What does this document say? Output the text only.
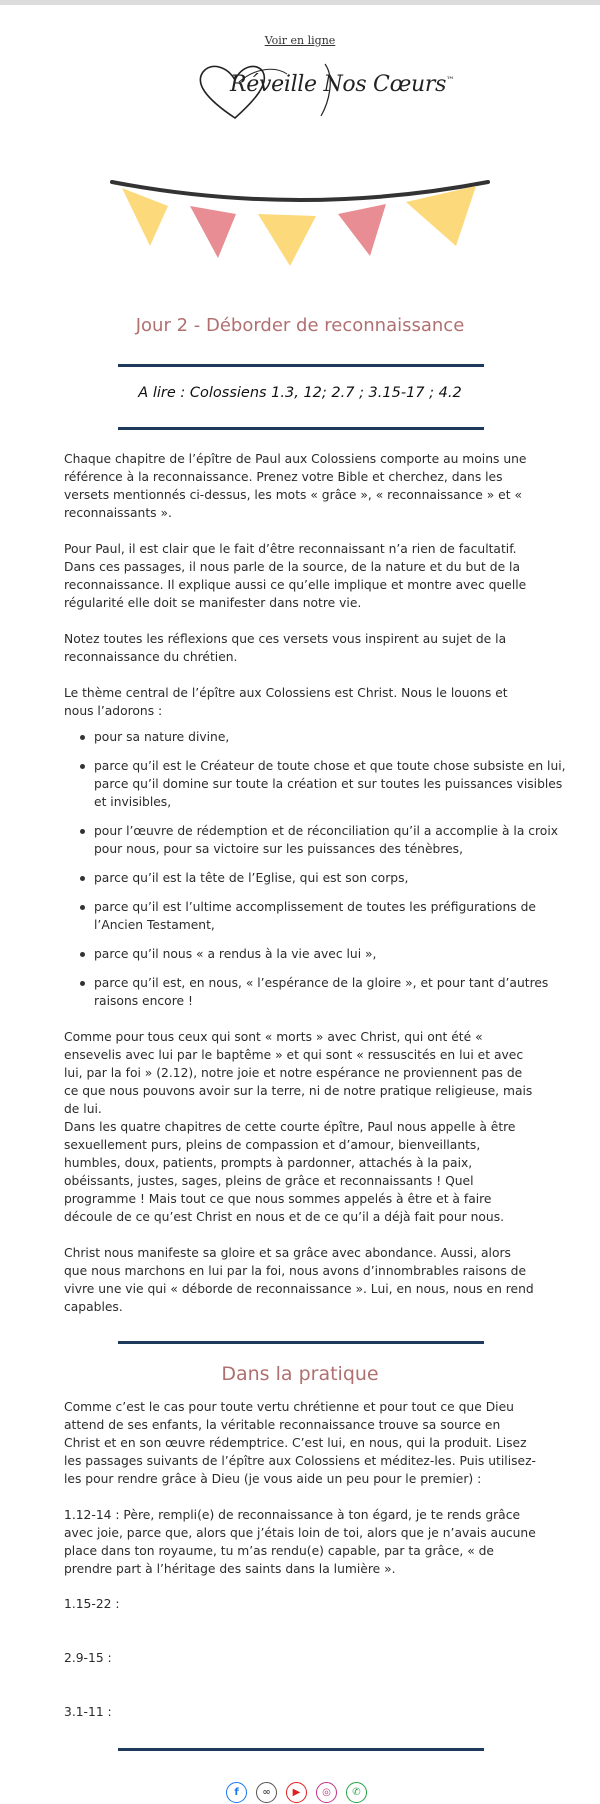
Voir en ligne
Réveille Nos Cœurs™
Jour 2 - Déborder de reconnaissance
A lire : Colossiens 1.3, 12; 2.7 ; 3.15-17 ; 4.2

Chaque chapitre de l’épître de Paul aux Colossiens comporte au moins une référence à la reconnaissance. Prenez votre Bible et cherchez, dans les versets mentionnés ci-dessus, les mots « grâce », « reconnaissance » et « reconnaissants ».

Pour Paul, il est clair que le fait d’être reconnaissant n’a rien de facultatif. Dans ces passages, il nous parle de la source, de la nature et du but de la reconnaissance. Il explique aussi ce qu’elle implique et montre avec quelle régularité elle doit se manifester dans notre vie.

Notez toutes les réflexions que ces versets vous inspirent au sujet de la reconnaissance du chrétien.

Le thème central de l’épître aux Colossiens est Christ. Nous le louons et nous l’adorons :

pour sa nature divine,
parce qu’il est le Créateur de toute chose et que toute chose subsiste en lui, parce qu’il domine sur toute la création et sur toutes les puissances visibles et invisibles,
pour l’œuvre de rédemption et de réconciliation qu’il a accomplie à la croix pour nous, pour sa victoire sur les puissances des ténèbres,
parce qu’il est la tête de l’Eglise, qui est son corps,
parce qu’il est l’ultime accomplissement de toutes les préfigurations de l’Ancien Testament,
parce qu’il nous « a rendus à la vie avec lui »,
parce qu’il est, en nous, « l’espérance de la gloire », et pour tant d’autres raisons encore !

Comme pour tous ceux qui sont « morts » avec Christ, qui ont été « ensevelis avec lui par le baptême » et qui sont « ressuscités en lui et avec lui, par la foi » (2.12), notre joie et notre espérance ne proviennent pas de ce que nous pouvons avoir sur la terre, ni de notre pratique religieuse, mais de lui.

Dans les quatre chapitres de cette courte épître, Paul nous appelle à être sexuellement purs, pleins de compassion et d’amour, bienveillants, humbles, doux, patients, prompts à pardonner, attachés à la paix, obéissants, justes, sages, pleins de grâce et reconnaissants ! Quel programme ! Mais tout ce que nous sommes appelés à être et à faire découle de ce qu’est Christ en nous et de ce qu’il a déjà fait pour nous.

Christ nous manifeste sa gloire et sa grâce avec abondance. Aussi, alors que nous marchons en lui par la foi, nous avons d’innombrables raisons de vivre une vie qui « déborde de reconnaissance ». Lui, en nous, nous en rend capables.

Dans la pratique

Comme c’est le cas pour toute vertu chrétienne et pour tout ce que Dieu attend de ses enfants, la véritable reconnaissance trouve sa source en Christ et en son œuvre rédemptrice. C’est lui, en nous, qui la produit. Lisez les passages suivants de l’épître aux Colossiens et méditez-les. Puis utilisez-les pour rendre grâce à Dieu (je vous aide un peu pour le premier) :

1.12-14 : Père, rempli(e) de reconnaissance à ton égard, je te rends grâce avec joie, parce que, alors que j’étais loin de toi, alors que je n’avais aucune place dans ton royaume, tu m’as rendu(e) capable, par ta grâce, « de prendre part à l’héritage des saints dans la lumière ».

1.15-22 :
2.9-15 :
3.1-11 :
f	∞	▶	◎	✆
